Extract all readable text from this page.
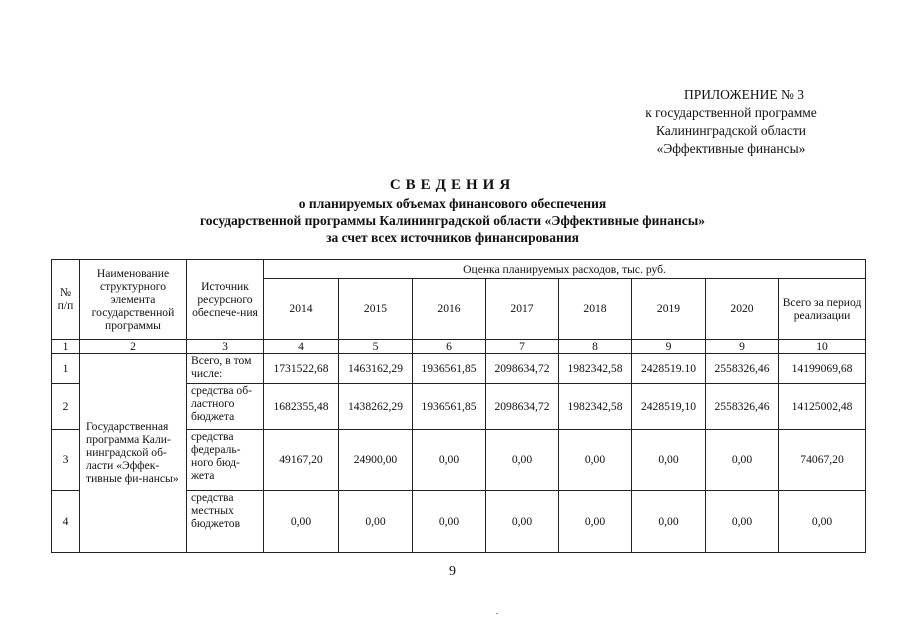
ПРИЛОЖЕНИЕ № 3
к государственной программе
Калининградской области
«Эффективные финансы»
СВЕДЕНИЯ
о планируемых объемах финансового обеспечения
государственной программы Калининградской области «Эффективные финансы»
за счет всех источников финансирования
№ п/п	Наименование структурного элемента государственной программы	Источник ресурсного обеспече-ния	Оценка планируемых расходов, тыс. руб.							
			2014	2015	2016	2017	2018	2019	2020	Всего за период реализации
1	2	3	4	5	6	7	8	9	9	10
1	Государственная программа Кали-нинградской об-ласти «Эффек-тивные фи-нансы»	Всего, в том числе:	1731522,68	1463162,29	1936561,85	2098634,72	1982342,58	2428519.10	2558326,46	14199069,68
2		средства об-ластного бюджета	1682355,48	1438262,29	1936561,85	2098634,72	1982342,58	2428519,10	2558326,46	14125002,48
3		средства федераль-ного бюд-жета	49167,20	24900,00	0,00	0,00	0,00	0,00	0,00	74067,20
4		средства местных бюджетов	0,00	0,00	0,00	0,00	0,00	0,00	0,00	0,00
9
